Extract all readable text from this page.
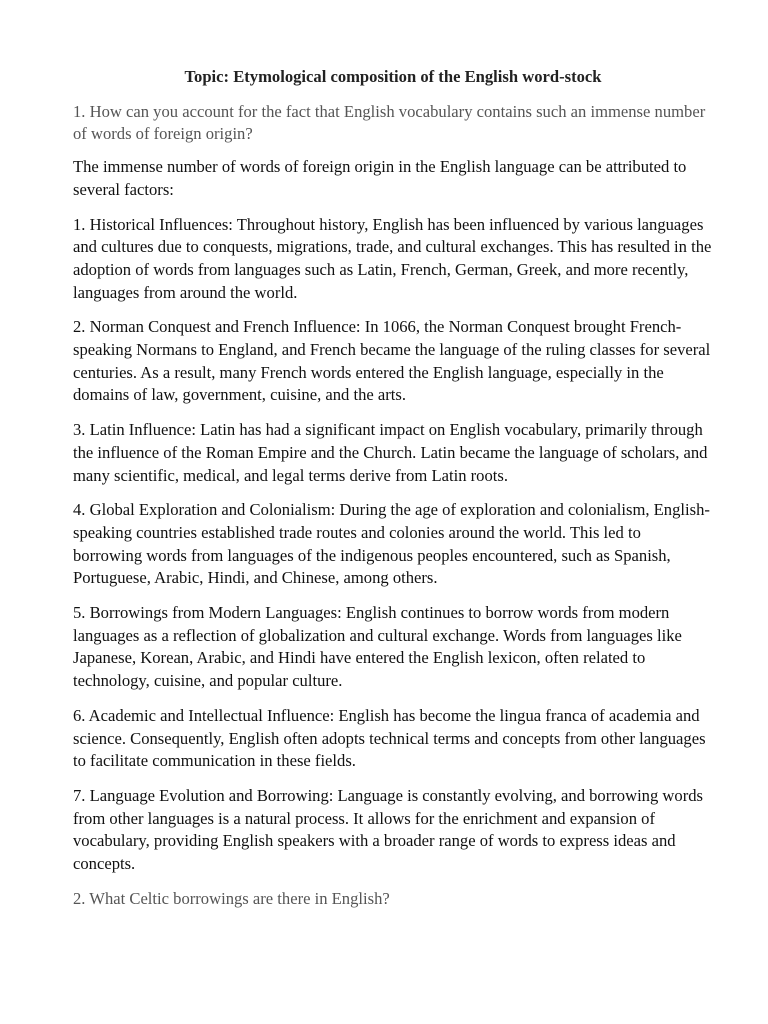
Topic: Etymological composition of the English word-stock

1. How can you account for the fact that English vocabulary contains such an immense number of words of foreign origin?

The immense number of words of foreign origin in the English language can be attributed to several factors:

1. Historical Influences: Throughout history, English has been influenced by various languages and cultures due to conquests, migrations, trade, and cultural exchanges. This has resulted in the adoption of words from languages such as Latin, French, German, Greek, and more recently, languages from around the world.

2. Norman Conquest and French Influence: In 1066, the Norman Conquest brought French-speaking Normans to England, and French became the language of the ruling classes for several centuries. As a result, many French words entered the English language, especially in the domains of law, government, cuisine, and the arts.

3. Latin Influence: Latin has had a significant impact on English vocabulary, primarily through the influence of the Roman Empire and the Church. Latin became the language of scholars, and many scientific, medical, and legal terms derive from Latin roots.

4. Global Exploration and Colonialism: During the age of exploration and colonialism, English-speaking countries established trade routes and colonies around the world. This led to borrowing words from languages of the indigenous peoples encountered, such as Spanish, Portuguese, Arabic, Hindi, and Chinese, among others.

5. Borrowings from Modern Languages: English continues to borrow words from modern languages as a reflection of globalization and cultural exchange. Words from languages like Japanese, Korean, Arabic, and Hindi have entered the English lexicon, often related to technology, cuisine, and popular culture.

6. Academic and Intellectual Influence: English has become the lingua franca of academia and science. Consequently, English often adopts technical terms and concepts from other languages to facilitate communication in these fields.

7. Language Evolution and Borrowing: Language is constantly evolving, and borrowing words from other languages is a natural process. It allows for the enrichment and expansion of vocabulary, providing English speakers with a broader range of words to express ideas and concepts.

2. What Celtic borrowings are there in English?
